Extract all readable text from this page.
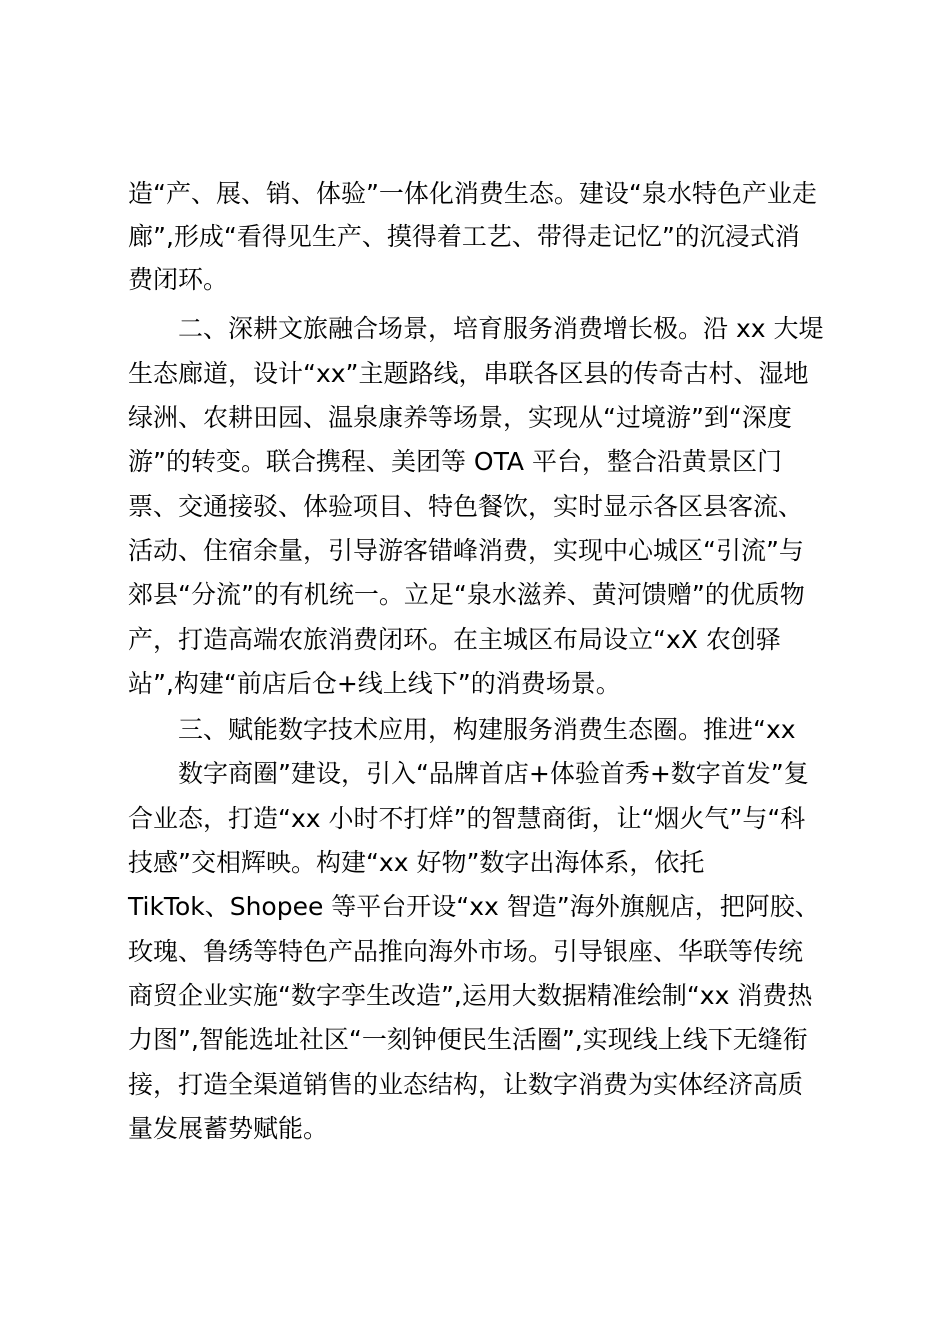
造“产、展、销、体验”一体化消费生态。建设“泉水特色产业走
廊”,形成“看得见生产、摸得着工艺、带得走记忆”的沉浸式消
费闭环。
二、深耕文旅融合场景，培育服务消费增长极。沿 xx 大堤
生态廊道，设计“xx”主题路线，串联各区县的传奇古村、湿地
绿洲、农耕田园、温泉康养等场景，实现从“过境游”到“深度
游”的转变。联合携程、美团等 OTA 平台，整合沿黄景区门
票、交通接驳、体验项目、特色餐饮，实时显示各区县客流、
活动、住宿余量，引导游客错峰消费，实现中心城区“引流”与
郊县“分流”的有机统一。立足“泉水滋养、黄河馈赠”的优质物
产，打造高端农旅消费闭环。在主城区布局设立“xX 农创驿
站”,构建“前店后仓+线上线下”的消费场景。
三、赋能数字技术应用，构建服务消费生态圈。推进“xx
数字商圈”建设，引入“品牌首店+体验首秀+数字首发”复
合业态，打造“xx 小时不打烊”的智慧商街，让“烟火气”与“科
技感”交相辉映。构建“xx 好物”数字出海体系，依托
TikTok、Shopee 等平台开设“xx 智造”海外旗舰店，把阿胶、
玫瑰、鲁绣等特色产品推向海外市场。引导银座、华联等传统
商贸企业实施“数字孪生改造”,运用大数据精准绘制“xx 消费热
力图”,智能选址社区“一刻钟便民生活圈”,实现线上线下无缝衔
接，打造全渠道销售的业态结构，让数字消费为实体经济高质
量发展蓄势赋能。
